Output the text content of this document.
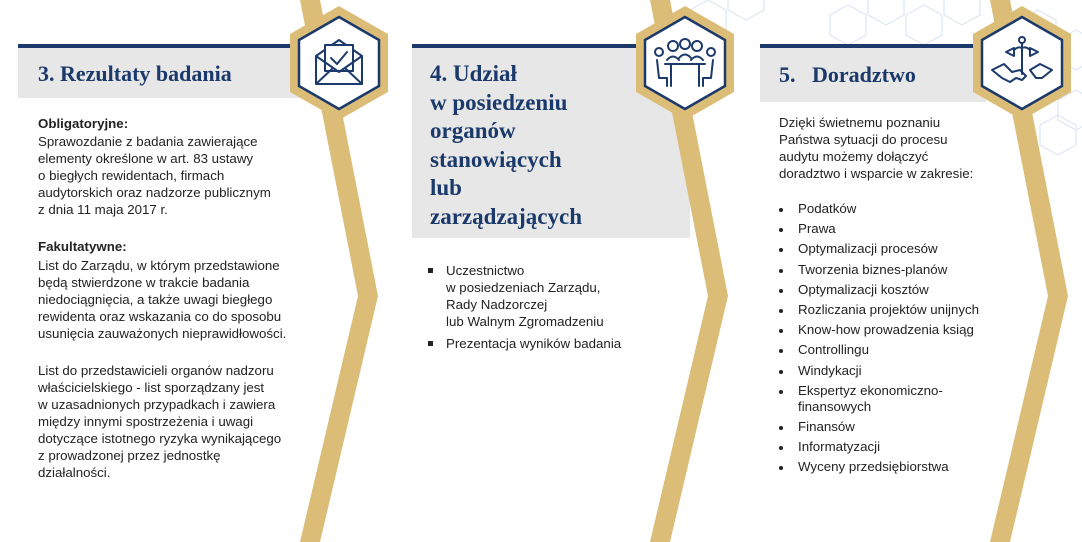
3. Rezultaty badania

Obligatoryjne:

Sprawozdanie z badania zawierające
elementy określone w art. 83 ustawy
o biegłych rewidentach, firmach
audytorskich oraz nadzorze publicznym
z dnia 11 maja 2017 r.

Fakultatywne:

List do Zarządu, w którym przedstawione
będą stwierdzone w trakcie badania
niedociągnięcia, a także uwagi biegłego
rewidenta oraz wskazania co do sposobu
usunięcia zauważonych nieprawidłowości.

List do przedstawicieli organów nadzoru
właścicielskiego - list sporządzany jest
w uzasadnionych przypadkach i zawiera
między innymi spostrzeżenia i uwagi
dotyczące istotnego ryzyka wynikającego
z prowadzonej przez jednostkę
działalności.

4. Udział
w posiedzeniu
organów
stanowiących
lub
zarządzających
Uczestnictwo
w posiedzeniach Zarządu,
Rady Nadzorczej
lub Walnym Zgromadzeniu
Prezentacja wyników badania
5.   Doradztwo

Dzięki świetnemu poznaniu
Państwa sytuacji do procesu
audytu możemy dołączyć
doradztwo i wsparcie w zakresie:

Podatków
Prawa
Optymalizacji procesów
Tworzenia biznes-planów
Optymalizacji kosztów
Rozliczania projektów unijnych
Know-how prowadzenia ksiąg
Controllingu
Windykacji
Ekspertyz ekonomiczno-
finansowych
Finansów
Informatyzacji
Wyceny przedsiębiorstwa
